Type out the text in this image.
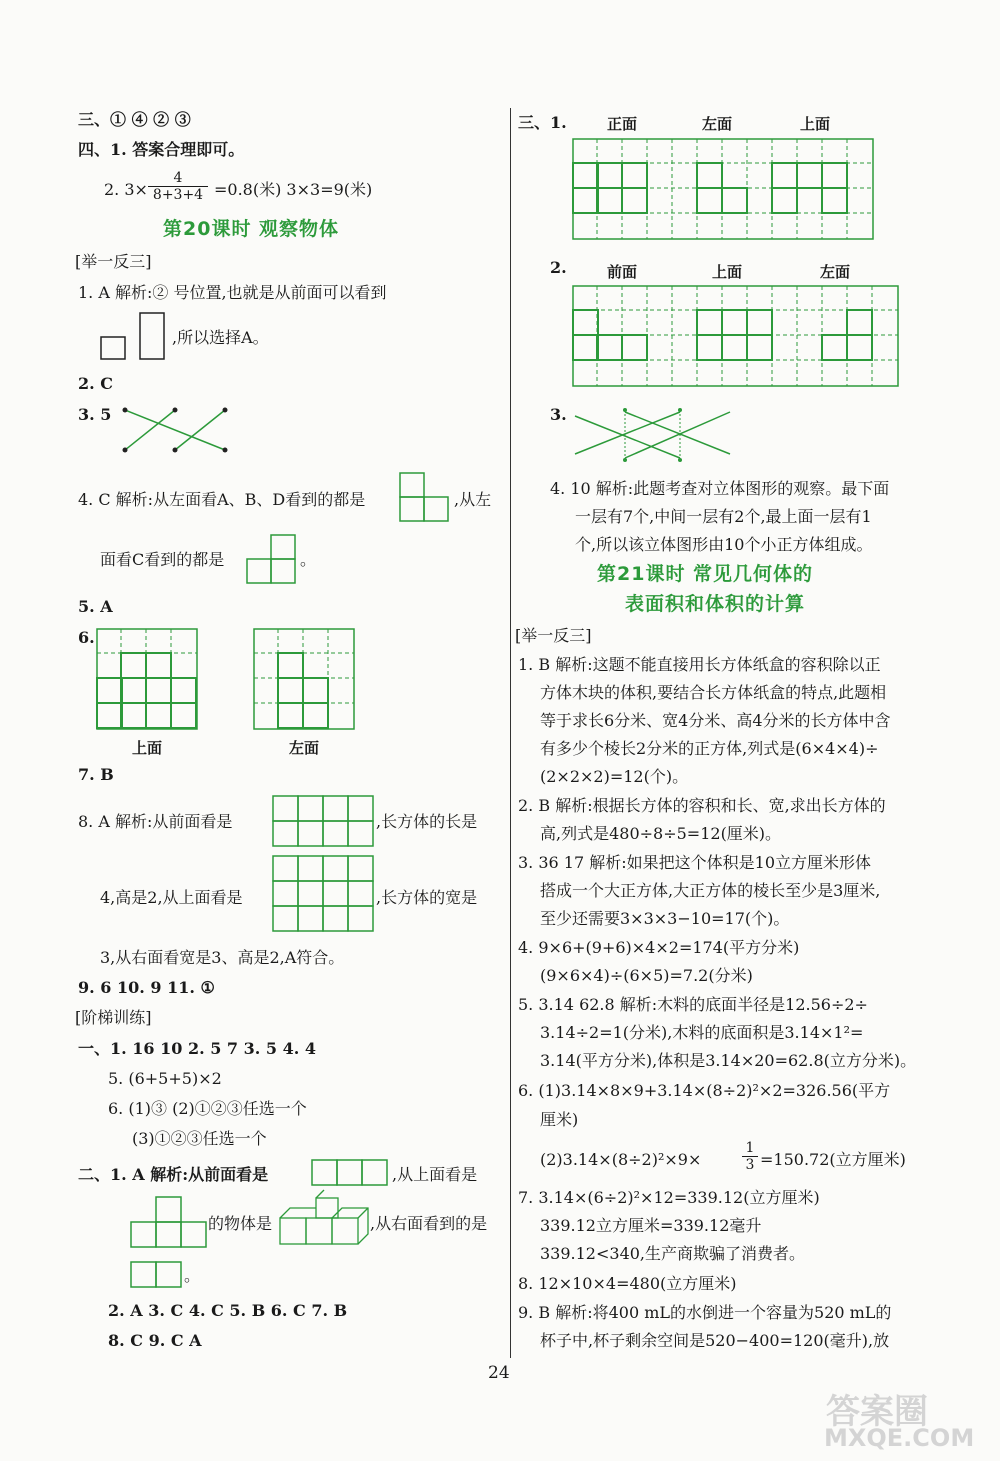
三、① ④ ② ③
四、1. 答案合理即可。
2. $3\times \frac{4}{8+3+4} =0.8$(米) 3×3=9(米)
第20课时 观察物体
[举一反三]
1. A 解析:② 号位置,也就是从前面可以看到
,所以选择A。
2. C
3. 5
4. C 解析:从左面看A、B、D看到的都是	,从左
面看C看到的都是	。
5. A
6.
上面	左面
7. B
8. A 解析:从前面看是	,长方体的长是
4,高是2,从上面看是	,长方体的宽是
3,从右面看宽是3、高是2,A符合。
9. 6 10. 9 11. ①
[阶梯训练]
一、1. 16 10 2. 5 7 3. 5 4. 4
5. (6+5+5)×2
6. (1)③ (2)①②③任选一个
(3)①②③任选一个
二、1. A 解析:从前面看是	,从上面看是
的物体是	,从右面看到的是
。
2. A 3. C 4. C 5. B 6. C 7. B
8. C 9. C A
三、1.	正面	左面	上面
2.	前面	上面	左面
3.
4. 10 解析:此题考查对立体图形的观察。最下面
一层有7个,中间一层有2个,最上面一层有1
个,所以该立体图形由10个小正方体组成。
第21课时 常见几何体的
表面积和体积的计算
[举一反三]
1. B 解析:这题不能直接用长方体纸盒的容积除以正
方体木块的体积,要结合长方体纸盒的特点,此题相
等于求长6分米、宽4分米、高4分米的长方体中含
有多少个棱长2分米的正方体,列式是(6×4×4)÷
(2×2×2)=12(个)。
2. B 解析:根据长方体的容积和长、宽,求出长方体的
高,列式是480÷8÷5=12(厘米)。
3. 36 17 解析:如果把这个体积是10立方厘米形体
搭成一个大正方体,大正方体的棱长至少是3厘米,
至少还需要3×3×3−10=17(个)。
4. 9×6+(9+6)×4×2=174(平方分米)
(9×6×4)÷(6×5)=7.2(分米)
5. 3.14 62.8 解析:木料的底面半径是12.56÷2÷
3.14÷2=1(分米),木料的底面积是3.14×1²=
3.14(平方分米),体积是3.14×20=62.8(立方分米)。
6. (1)3.14×8×9+3.14×(8÷2)²×2=326.56(平方
厘米)
(2)3.14×(8÷2)²×9×	$\frac{1}{3} =150.72$(立方厘米)
7. 3.14×(6÷2)²×12=339.12(立方厘米)
339.12立方厘米=339.12毫升
339.12<340,生产商欺骗了消费者。
8. 12×10×4=480(立方厘米)
9. B 解析:将400 mL的水倒进一个容量为520 mL的
杯子中,杯子剩余空间是520−400=120(毫升),放
24
答案圈
MXQE.COM
